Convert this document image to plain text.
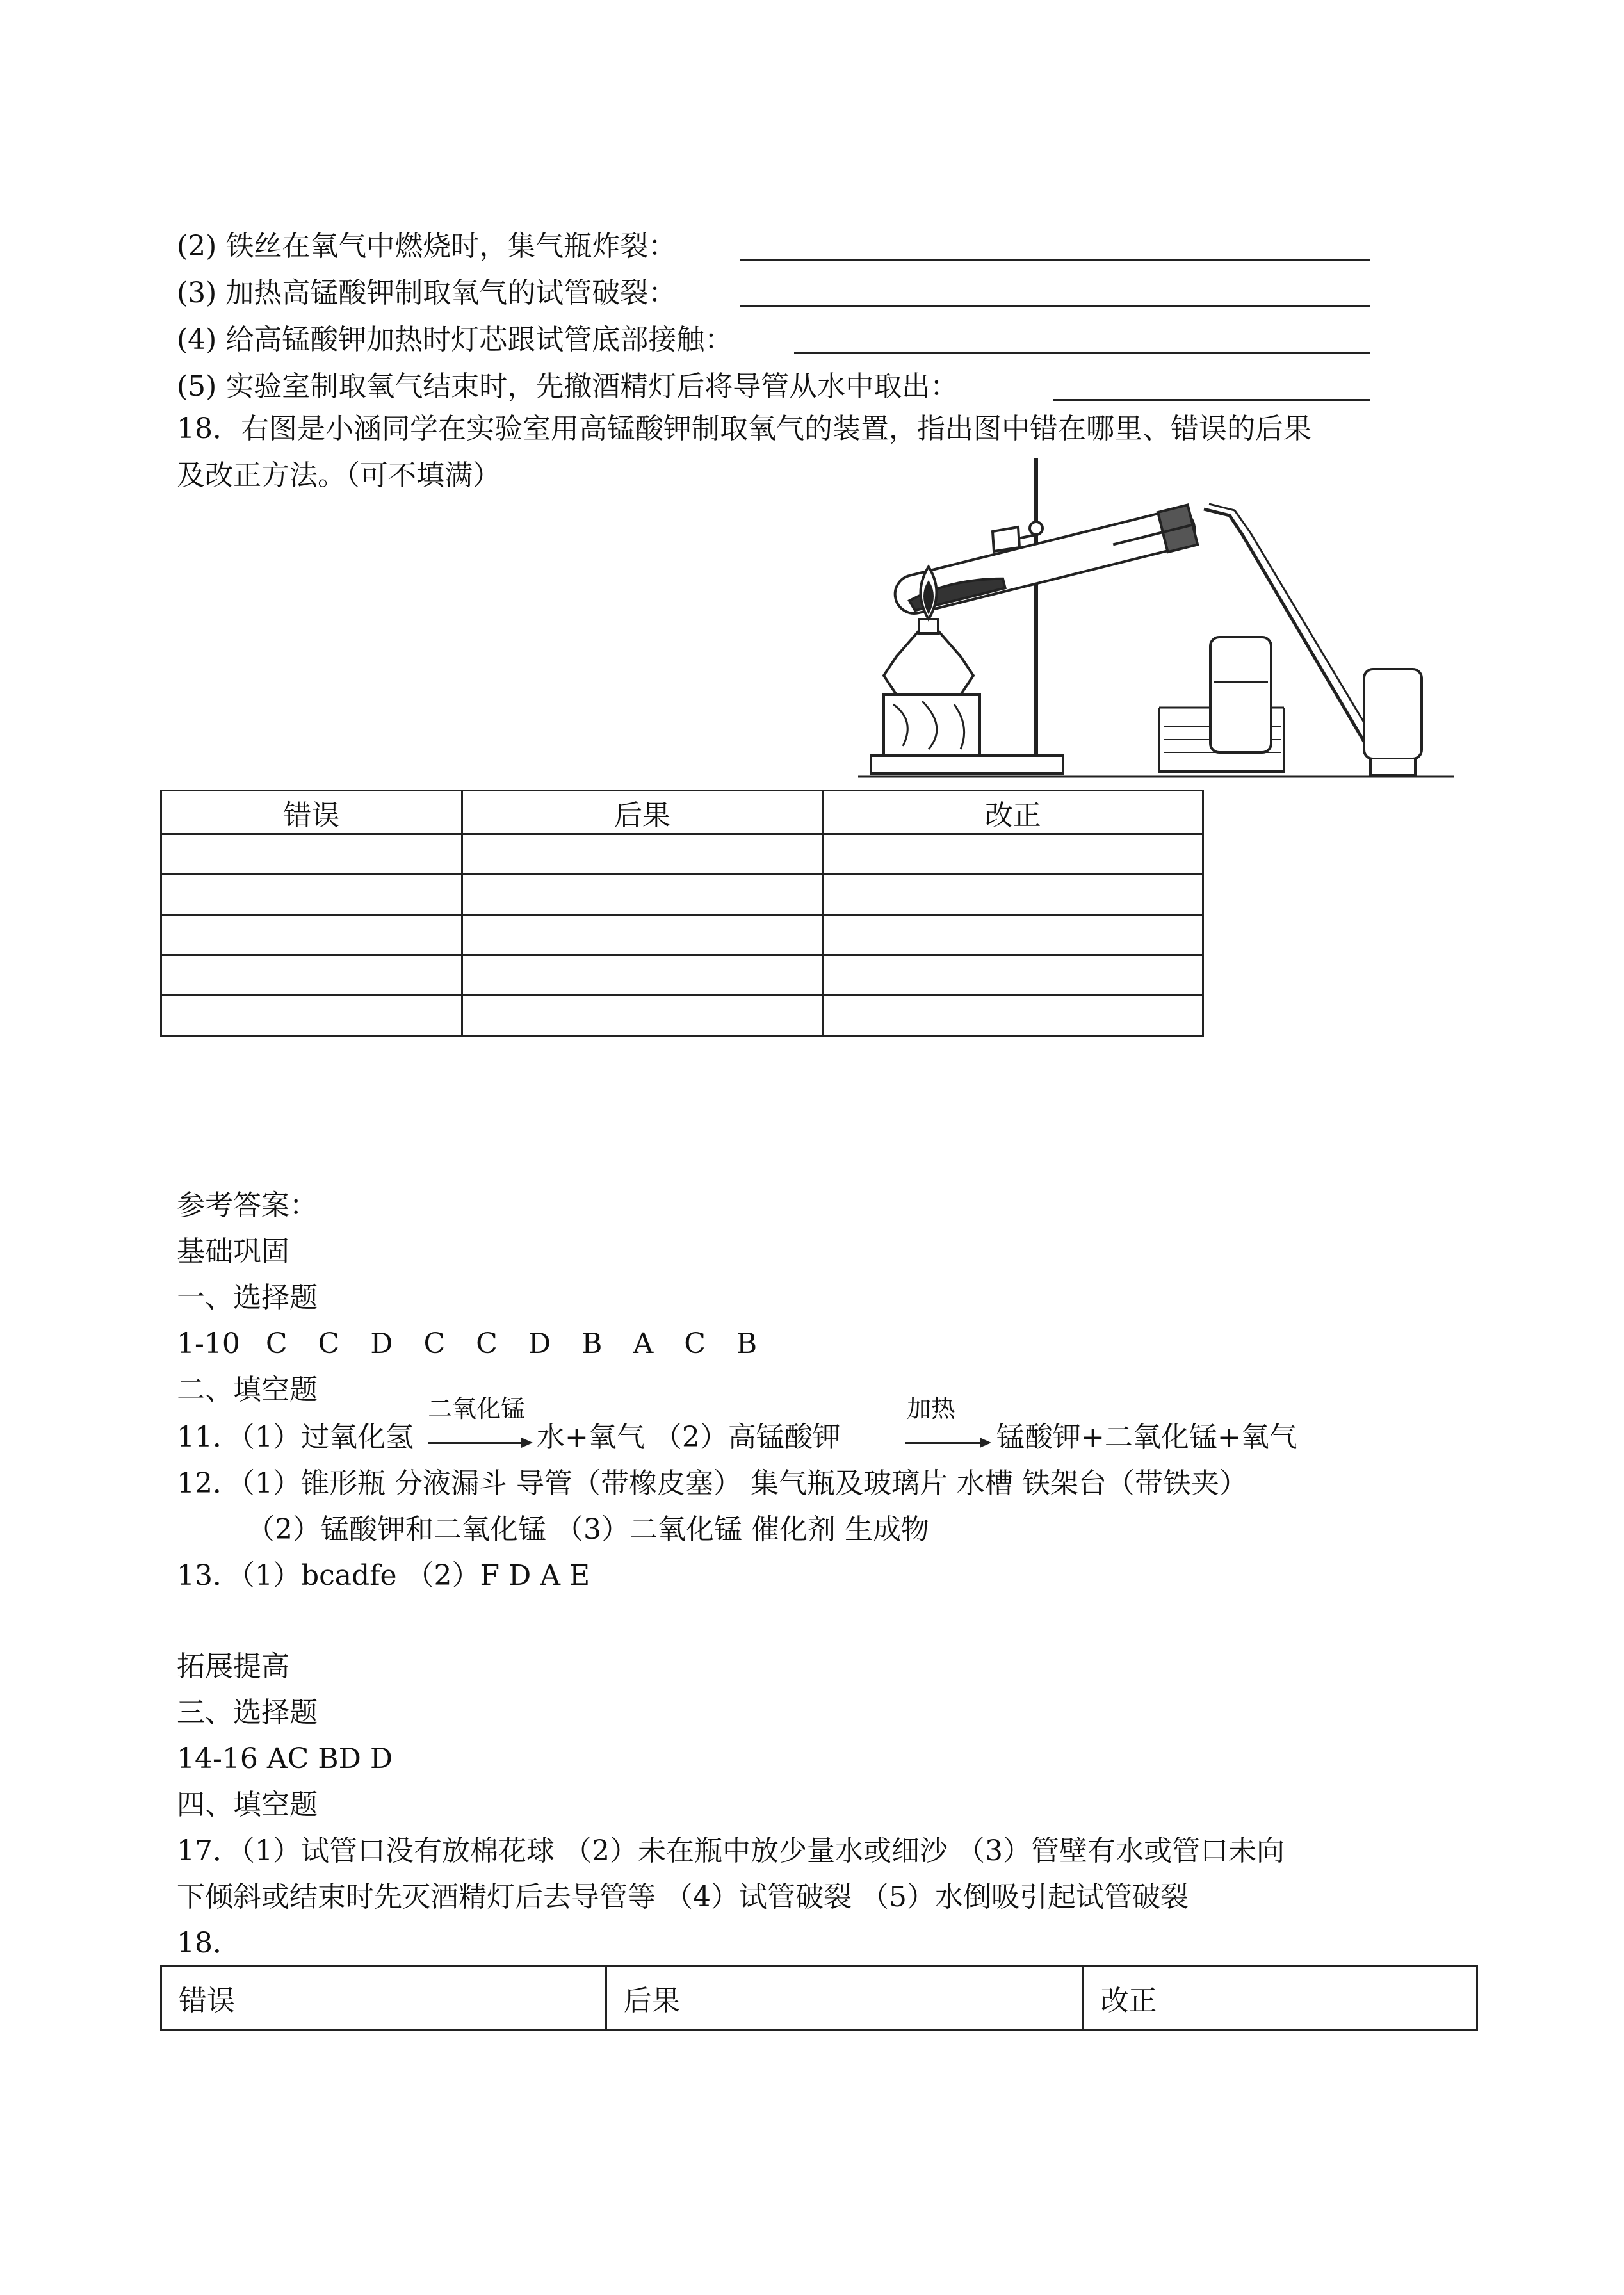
(2) 铁丝在氧气中燃烧时，集气瓶炸裂：
(3) 加热高锰酸钾制取氧气的试管破裂：
(4) 给高锰酸钾加热时灯芯跟试管底部接触：
(5) 实验室制取氧气结束时，先撤酒精灯后将导管从水中取出：
18．右图是小涵同学在实验室用高锰酸钾制取氧气的装置，指出图中错在哪里、错误的后果
及改正方法。（可不填满）
错误	后果	改正

参考答案：
基础巩固
一、选择题
1-10 C C D C C D B A C B
二、填空题
11．（1）过氧化氢
二氧化锰
水+氧气 （2）高锰酸钾
加热
锰酸钾+二氧化锰+氧气
12．（1）锥形瓶 分液漏斗 导管（带橡皮塞） 集气瓶及玻璃片 水槽 铁架台（带铁夹）
（2）锰酸钾和二氧化锰 （3）二氧化锰 催化剂 生成物
13．（1）bcadfe （2）F D A E
拓展提高
三、选择题
14-16 AC BD D
四、填空题
17．（1）试管口没有放棉花球 （2）未在瓶中放少量水或细沙 （3）管壁有水或管口未向
下倾斜或结束时先灭酒精灯后去导管等 （4）试管破裂 （5）水倒吸引起试管破裂
18．
错误	后果	改正
